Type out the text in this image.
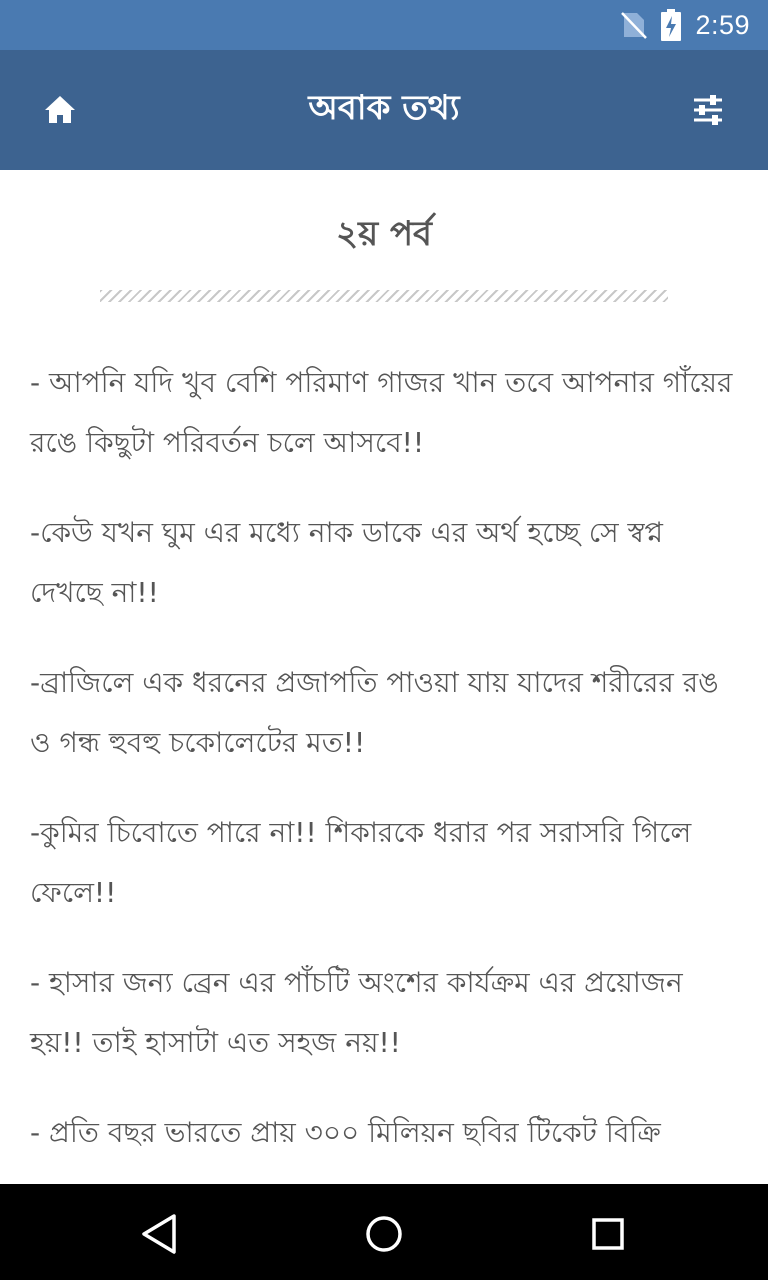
2:59
অবাক তথ্য
২য় পর্ব
- আপনি যদি খুব বেশি পরিমাণ গাজর খান তবে আপনার গাঁয়ের রঙে কিছুটা পরিবর্তন চলে আসবে!!
-কেউ যখন ঘুম এর মধ্যে নাক ডাকে এর অর্থ হচ্ছে সে স্বপ্ন দেখছে না!!
-ব্রাজিলে এক ধরনের প্রজাপতি পাওয়া যায় যাদের শরীরের রঙ ও গন্ধ হুবহু চকোলেটের মত!!
-কুমির চিবোতে পারে না!! শিকারকে ধরার পর সরাসরি গিলে ফেলে!!
- হাসার জন্য ব্রেন এর পাঁচটি অংশের কার্যক্রম এর প্রয়োজন হয়!! তাই হাসাটা এত সহজ নয়!!
- প্রতি বছর ভারতে প্রায় ৩০০ মিলিয়ন ছবির টিকেট বিক্রি
